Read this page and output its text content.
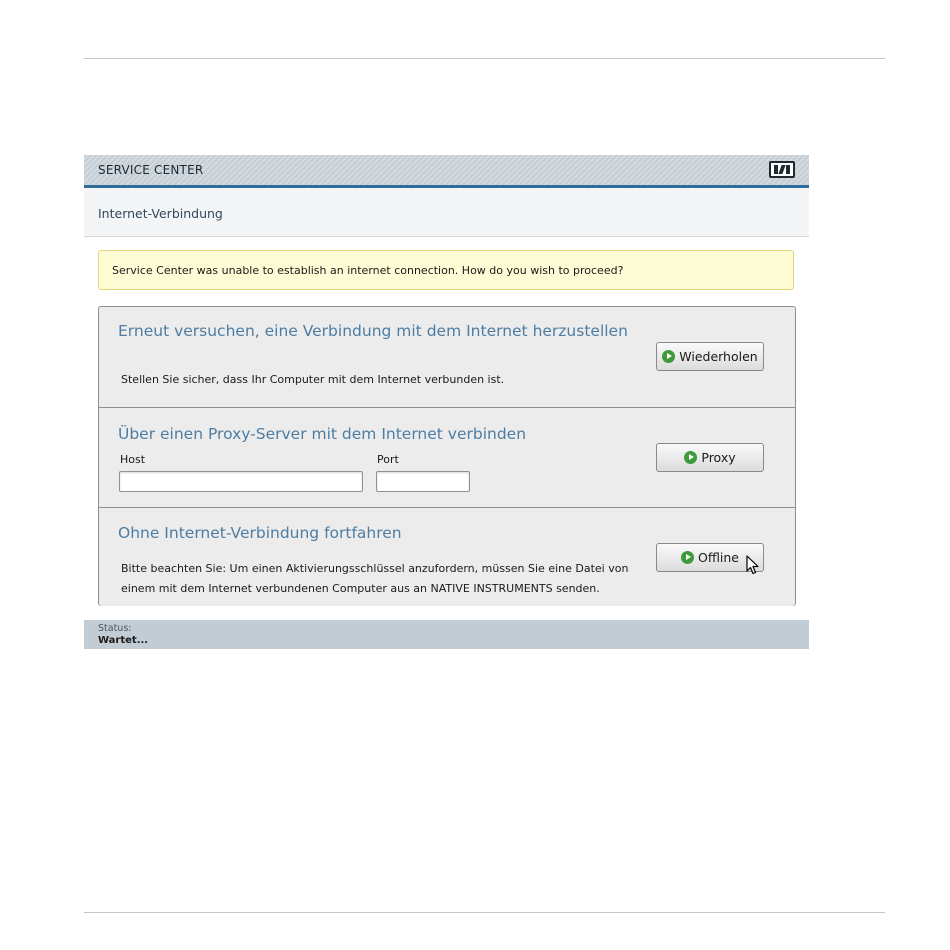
SERVICE CENTER
Internet-Verbindung
Service Center was unable to establish an internet connection. How do you wish to proceed?
Erneut versuchen, eine Verbindung mit dem Internet herzustellen
Stellen Sie sicher, dass Ihr Computer mit dem Internet verbunden ist.
Wiederholen
Über einen Proxy-Server mit dem Internet verbinden
Host	Port	Proxy
Ohne Internet-Verbindung fortfahren
Bitte beachten Sie: Um einen Aktivierungsschlüssel anzufordern, müssen Sie eine Datei von
einem mit dem Internet verbundenen Computer aus an NATIVE INSTRUMENTS senden.
Offline
Status:
Wartet...
